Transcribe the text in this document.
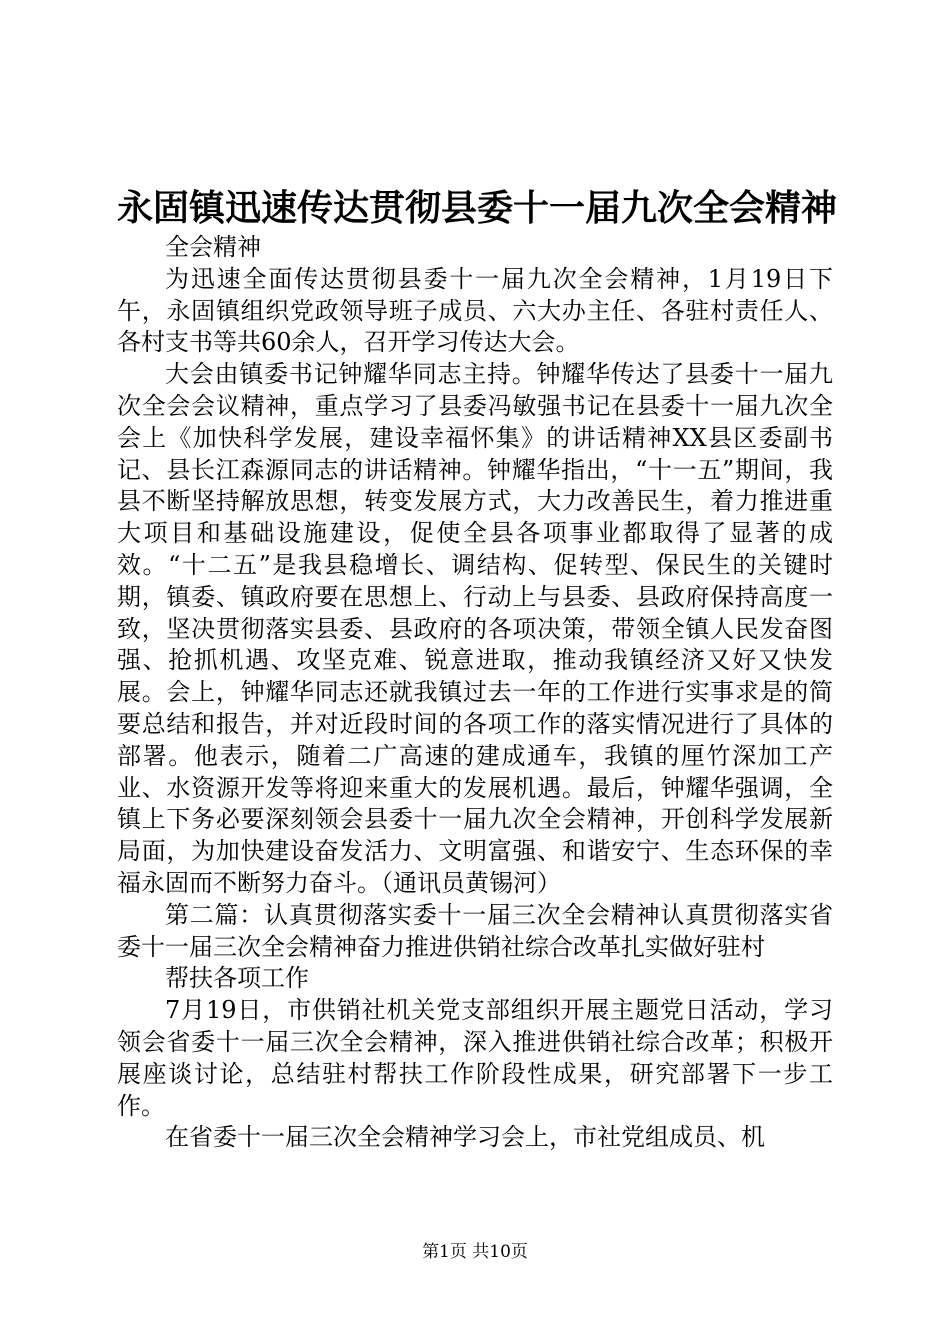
永固镇迅速传达贯彻县委十一届九次全会精神

全会精神

为迅速全面传达贯彻县委十一届九次全会精神，1月19日下午，永固镇组织党政领导班子成员、六大办主任、各驻村责任人、各村支书等共60余人，召开学习传达大会。

大会由镇委书记钟耀华同志主持。钟耀华传达了县委十一届九次全会会议精神，重点学习了县委冯敏强书记在县委十一届九次全会上《加快科学发展，建设幸福怀集》的讲话精神XX县区委副书记、县长江森源同志的讲话精神。钟耀华指出，“十一五”期间，我县不断坚持解放思想，转变发展方式，大力改善民生，着力推进重大项目和基础设施建设，促使全县各项事业都取得了显著的成效。“十二五”是我县稳增长、调结构、促转型、保民生的关键时期，镇委、镇政府要在思想上、行动上与县委、县政府保持高度一致，坚决贯彻落实县委、县政府的各项决策，带领全镇人民发奋图强、抢抓机遇、攻坚克难、锐意进取，推动我镇经济又好又快发展。会上，钟耀华同志还就我镇过去一年的工作进行实事求是的简要总结和报告，并对近段时间的各项工作的落实情况进行了具体的部署。他表示，随着二广高速的建成通车，我镇的厘竹深加工产业、水资源开发等将迎来重大的发展机遇。最后，钟耀华强调，全镇上下务必要深刻领会县委十一届九次全会精神，开创科学发展新局面，为加快建设奋发活力、文明富强、和谐安宁、生态环保的幸福永固而不断努力奋斗。（通讯员黄锡河）

第二篇：认真贯彻落实委十一届三次全会精神认真贯彻落实省委十一届三次全会精神奋力推进供销社综合改革扎实做好驻村

帮扶各项工作

7月19日，市供销社机关党支部组织开展主题党日活动，学习领会省委十一届三次全会精神，深入推进供销社综合改革；积极开展座谈讨论，总结驻村帮扶工作阶段性成果，研究部署下一步工作。

在省委十一届三次全会精神学习会上，市社党组成员、机

第1页 共10页
